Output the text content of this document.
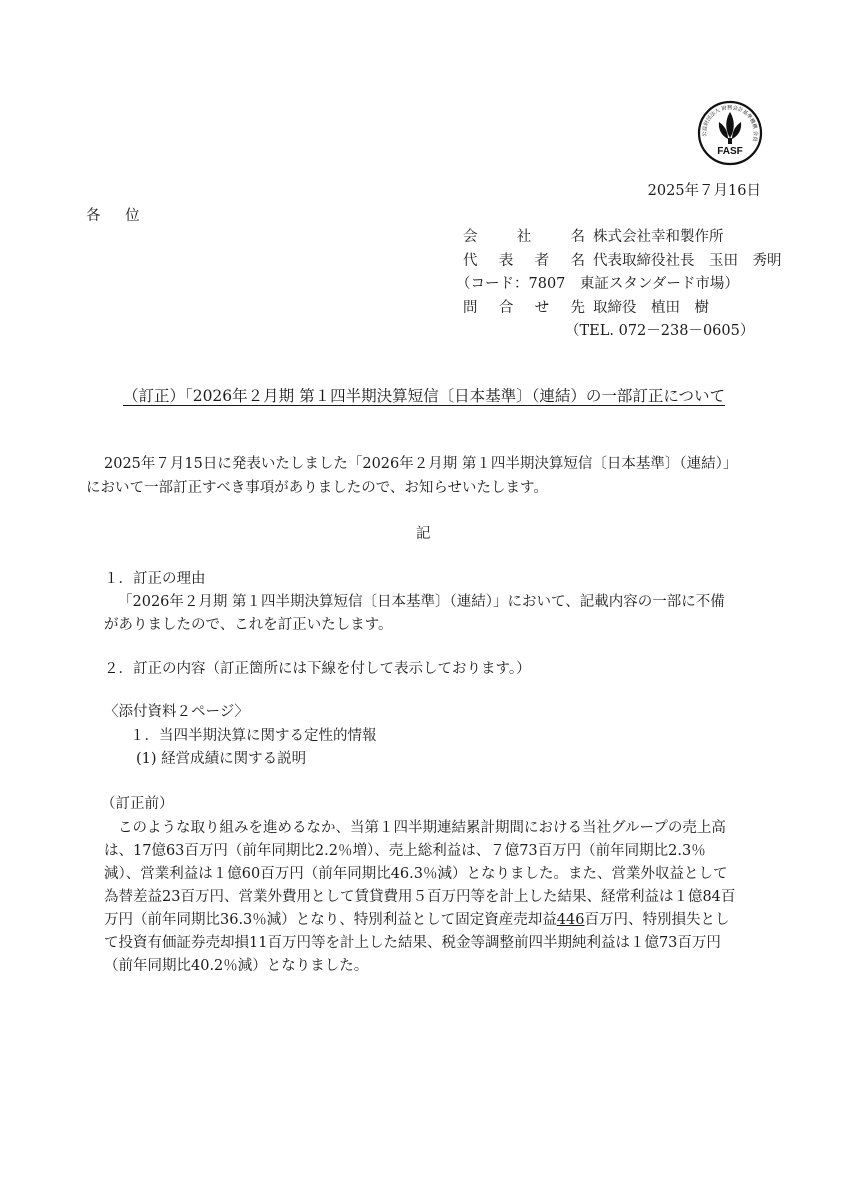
公益財団法人 財務会計基準機構 会員
FASF
2025年７月16日
各 位
会 社 名 株式会社幸和製作所
代 表 者 名 代表取締役社長　玉田　秀明
（コード：7807　東証スタンダード市場）
問 合 せ 先 取締役　植田　樹
（TEL. 072－238－0605）
（訂正）「2026年２月期 第１四半期決算短信〔日本基準〕（連結）の一部訂正について
2025年７月15日に発表いたしました「2026年２月期 第１四半期決算短信〔日本基準〕（連結）」
において一部訂正すべき事項がありましたので、お知らせいたします。
記
１．訂正の理由
「2026年２月期 第１四半期決算短信〔日本基準〕（連結）」において、記載内容の一部に不備
がありましたので、これを訂正いたします。
２．訂正の内容（訂正箇所には下線を付して表示しております。）
〈添付資料２ページ〉
１．当四半期決算に関する定性的情報
(1) 経営成績に関する説明
（訂正前）
このような取り組みを進めるなか、当第１四半期連結累計期間における当社グループの売上高
は、17億63百万円（前年同期比2.2％増）、売上総利益は、７億73百万円（前年同期比2.3％
減）、営業利益は１億60百万円（前年同期比46.3％減）となりました。また、営業外収益として
為替差益23百万円、営業外費用として賃貸費用５百万円等を計上した結果、経常利益は１億84百
万円（前年同期比36.3％減）となり、特別利益として固定資産売却益446百万円、特別損失とし
て投資有価証券売却損11百万円等を計上した結果、税金等調整前四半期純利益は１億73百万円
（前年同期比40.2％減）となりました。
